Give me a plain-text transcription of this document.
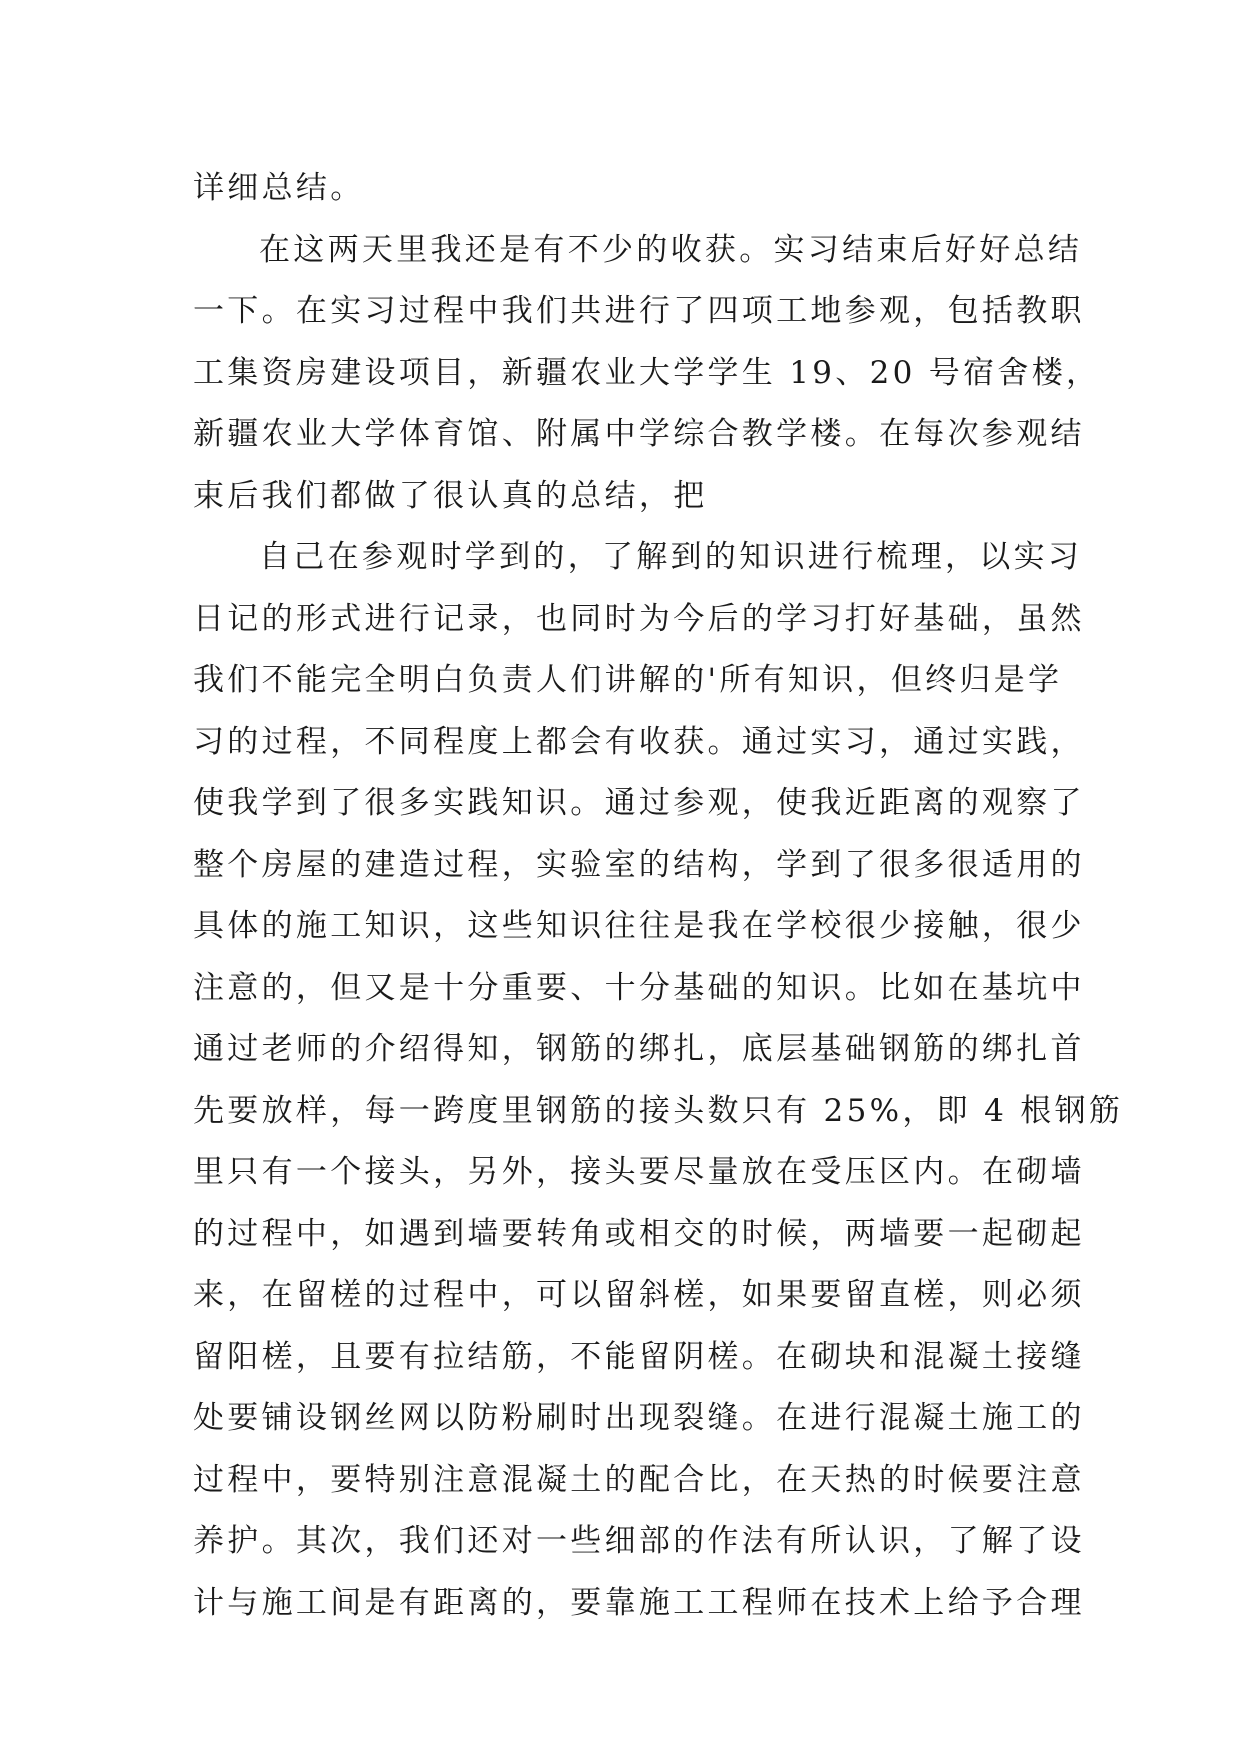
详细总结。
在这两天里我还是有不少的收获。实习结束后好好总结
一下。在实习过程中我们共进行了四项工地参观，包括教职
工集资房建设项目，新疆农业大学学生 19、20 号宿舍楼，
新疆农业大学体育馆、附属中学综合教学楼。在每次参观结
束后我们都做了很认真的总结，把
自己在参观时学到的，了解到的知识进行梳理，以实习
日记的形式进行记录，也同时为今后的学习打好基础，虽然
我们不能完全明白负责人们讲解的'所有知识，但终归是学
习的过程，不同程度上都会有收获。通过实习，通过实践，
使我学到了很多实践知识。通过参观，使我近距离的观察了
整个房屋的建造过程，实验室的结构，学到了很多很适用的
具体的施工知识，这些知识往往是我在学校很少接触，很少
注意的，但又是十分重要、十分基础的知识。比如在基坑中
通过老师的介绍得知，钢筋的绑扎，底层基础钢筋的绑扎首
先要放样，每一跨度里钢筋的接头数只有 25%，即 4 根钢筋
里只有一个接头，另外，接头要尽量放在受压区内。在砌墙
的过程中，如遇到墙要转角或相交的时候，两墙要一起砌起
来，在留槎的过程中，可以留斜槎，如果要留直槎，则必须
留阳槎，且要有拉结筋，不能留阴槎。在砌块和混凝土接缝
处要铺设钢丝网以防粉刷时出现裂缝。在进行混凝土施工的
过程中，要特别注意混凝土的配合比，在天热的时候要注意
养护。其次，我们还对一些细部的作法有所认识，了解了设
计与施工间是有距离的，要靠施工工程师在技术上给予合理
